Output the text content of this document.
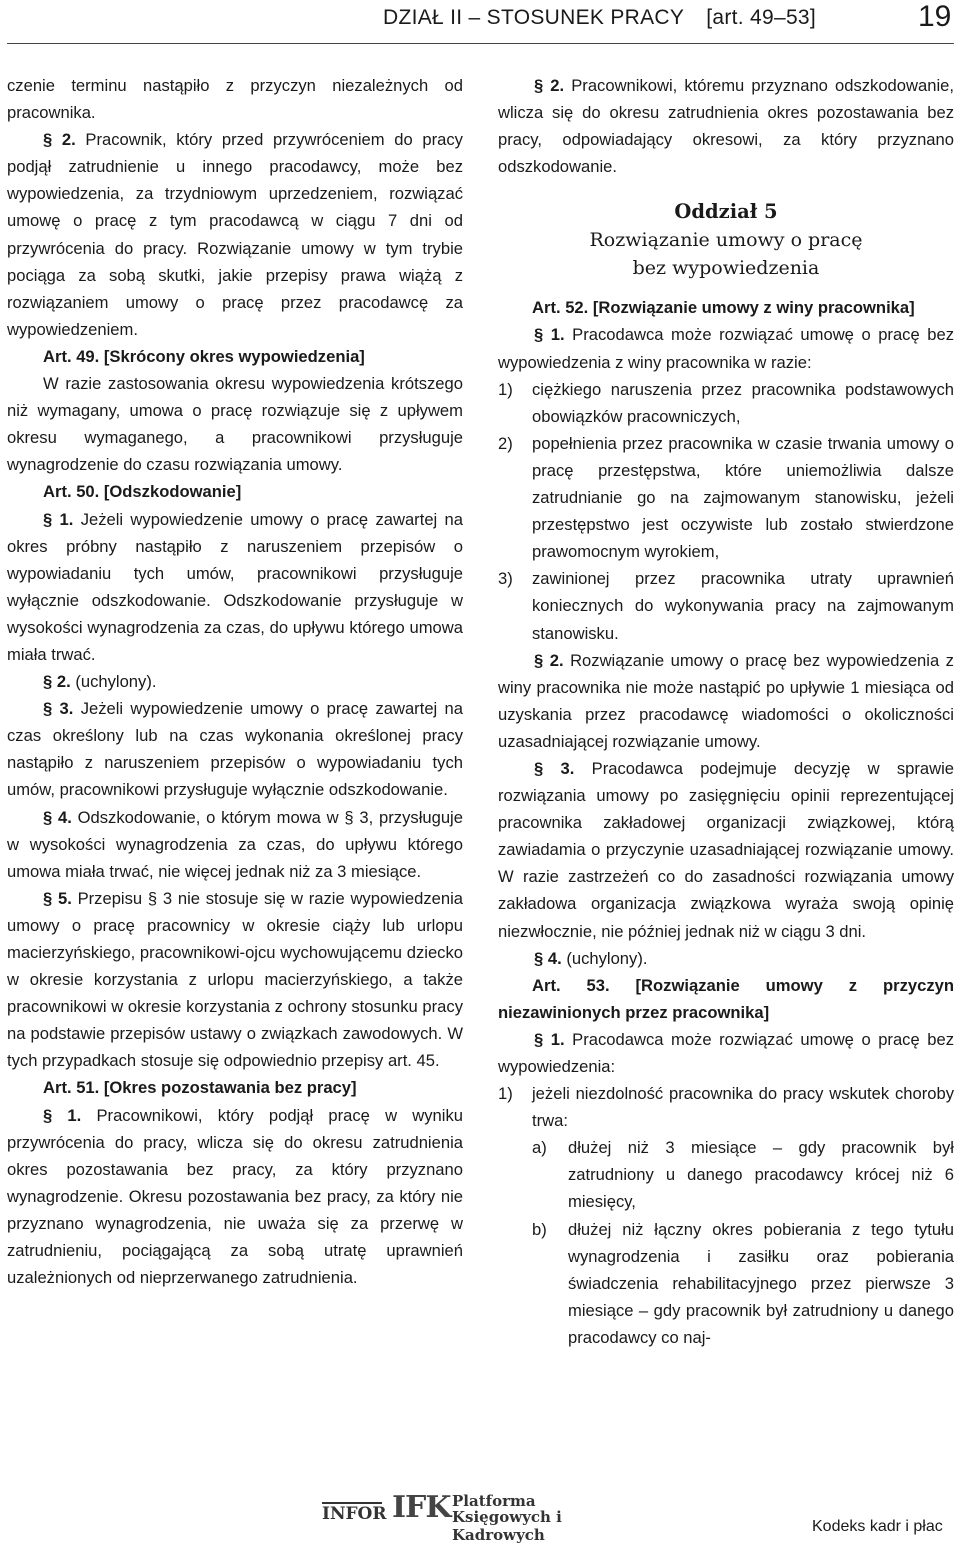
DZIAŁ II – STOSUNEK PRACY [art. 49–53]	19

czenie terminu nastąpiło z przyczyn niezależnych od pracownika.

§ 2. Pracownik, który przed przywróceniem do pracy podjął zatrudnienie u innego pracodawcy, może bez wypowiedzenia, za trzydniowym uprzedzeniem, rozwiązać umowę o pracę z tym pracodawcą w ciągu 7 dni od przywrócenia do pracy. Rozwiązanie umowy w tym trybie pociąga za sobą skutki, jakie przepisy prawa wiążą z rozwiązaniem umowy o pracę przez pracodawcę za wypowiedzeniem.

Art. 49. [Skrócony okres wypowiedzenia]

W razie zastosowania okresu wypowiedzenia krótszego niż wymagany, umowa o pracę rozwiązuje się z upływem okresu wymaganego, a pracownikowi przysługuje wynagrodzenie do czasu rozwiązania umowy.

Art. 50. [Odszkodowanie]

§ 1. Jeżeli wypowiedzenie umowy o pracę zawartej na okres próbny nastąpiło z naruszeniem przepisów o wypowiadaniu tych umów, pracownikowi przysługuje wyłącznie odszkodowanie. Odszkodowanie przysługuje w wysokości wynagrodzenia za czas, do upływu którego umowa miała trwać.

§ 2. (uchylony).

§ 3. Jeżeli wypowiedzenie umowy o pracę zawartej na czas określony lub na czas wykonania określonej pracy nastąpiło z naruszeniem przepisów o wypowiadaniu tych umów, pracownikowi przysługuje wyłącznie odszkodowanie.

§ 4. Odszkodowanie, o którym mowa w § 3, przysługuje w wysokości wynagrodzenia za czas, do upływu którego umowa miała trwać, nie więcej jednak niż za 3 miesiące.

§ 5. Przepisu § 3 nie stosuje się w razie wypowiedzenia umowy o pracę pracownicy w okresie ciąży lub urlopu macierzyńskiego, pracownikowi-ojcu wychowującemu dziecko w okresie korzystania z urlopu macierzyńskiego, a także pracownikowi w okresie korzystania z ochrony stosunku pracy na podstawie przepisów ustawy o związkach zawodowych. W tych przypadkach stosuje się odpowiednio przepisy art. 45.

Art. 51. [Okres pozostawania bez pracy]

§ 1. Pracownikowi, który podjął pracę w wyniku przywrócenia do pracy, wlicza się do okresu zatrudnienia okres pozostawania bez pracy, za który przyznano wynagrodzenie. Okresu pozostawania bez pracy, za który nie przyznano wynagrodzenia, nie uważa się za przerwę w zatrudnieniu, pociągającą za sobą utratę uprawnień uzależnionych od nieprzerwanego zatrudnienia.

§ 2. Pracownikowi, któremu przyznano odszkodowanie, wlicza się do okresu zatrudnienia okres pozostawania bez pracy, odpowiadający okresowi, za który przyznano odszkodowanie.

Oddział 5
Rozwiązanie umowy o pracę
bez wypowiedzenia

Art. 52. [Rozwiązanie umowy z winy pracownika]

§ 1. Pracodawca może rozwiązać umowę o pracę bez wypowiedzenia z winy pracownika w razie:

1) ciężkiego naruszenia przez pracownika podstawowych obowiązków pracowniczych,
2) popełnienia przez pracownika w czasie trwania umowy o pracę przestępstwa, które uniemożliwia dalsze zatrudnianie go na zajmowanym stanowisku, jeżeli przestępstwo jest oczywiste lub zostało stwierdzone prawomocnym wyrokiem,
3) zawinionej przez pracownika utraty uprawnień koniecznych do wykonywania pracy na zajmowanym stanowisku.

§ 2. Rozwiązanie umowy o pracę bez wypowiedzenia z winy pracownika nie może nastąpić po upływie 1 miesiąca od uzyskania przez pracodawcę wiadomości o okoliczności uzasadniającej rozwiązanie umowy.

§ 3. Pracodawca podejmuje decyzję w sprawie rozwiązania umowy po zasięgnięciu opinii reprezentującej pracownika zakładowej organizacji związkowej, którą zawiadamia o przyczynie uzasadniającej rozwiązanie umowy. W razie zastrzeżeń co do zasadności rozwiązania umowy zakładowa organizacja związkowa wyraża swoją opinię niezwłocznie, nie później jednak niż w ciągu 3 dni.

§ 4. (uchylony).

Art. 53. [Rozwiązanie umowy z przyczyn niezawinionych przez pracownika]

§ 1. Pracodawca może rozwiązać umowę o pracę bez wypowiedzenia:

1) jeżeli niezdolność pracownika do pracy wskutek choroby trwa:
a) dłużej niż 3 miesiące – gdy pracownik był zatrudniony u danego pracodawcy krócej niż 6 miesięcy,
b) dłużej niż łączny okres pobierania z tego tytułu wynagrodzenia i zasiłku oraz pobierania świadczenia rehabilitacyjnego przez pierwsze 3 miesiące – gdy pracownik był zatrudniony u danego pracodawcy co naj-
INFOR IFK Platforma
Księgowych i Kadrowych	Kodeks kadr i płac
